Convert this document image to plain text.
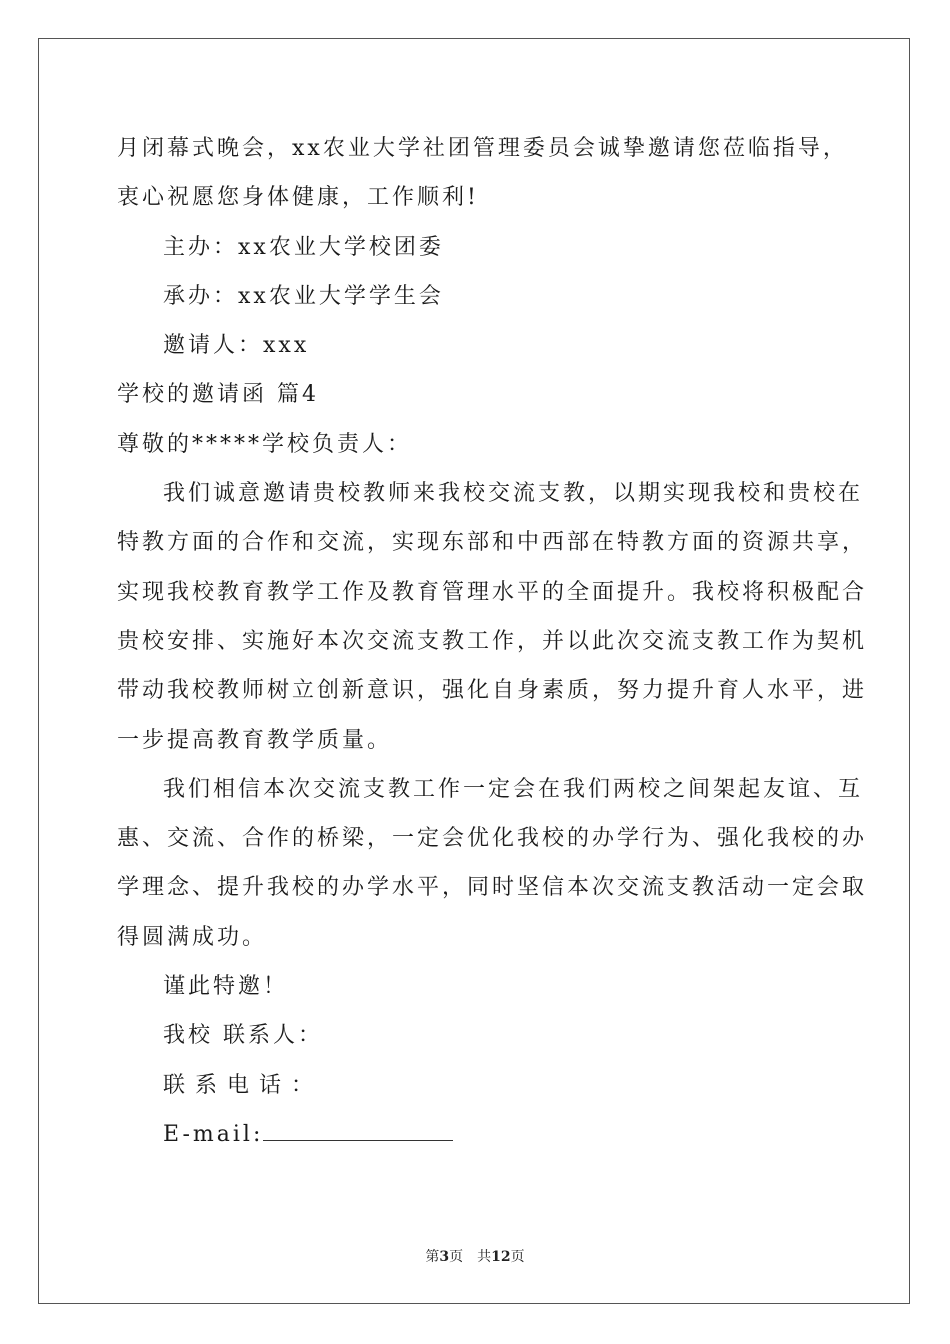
月闭幕式晚会，xx农业大学社团管理委员会诚挚邀请您莅临指导，
衷心祝愿您身体健康，工作顺利!
主办：xx农业大学校团委
承办：xx农业大学学生会
邀请人：xxx
学校的邀请函 篇4
尊敬的*****学校负责人：
我们诚意邀请贵校教师来我校交流支教，以期实现我校和贵校在
特教方面的合作和交流，实现东部和中西部在特教方面的资源共享，
实现我校教育教学工作及教育管理水平的全面提升。我校将积极配合
贵校安排、实施好本次交流支教工作，并以此次交流支教工作为契机
带动我校教师树立创新意识，强化自身素质，努力提升育人水平，进
一步提高教育教学质量。
我们相信本次交流支教工作一定会在我们两校之间架起友谊、互
惠、交流、合作的桥梁，一定会优化我校的办学行为、强化我校的办
学理念、提升我校的办学水平，同时坚信本次交流支教活动一定会取
得圆满成功。
谨此特邀！
我校 联系人：
联系电话：
E-mail:
第3页 共12页
